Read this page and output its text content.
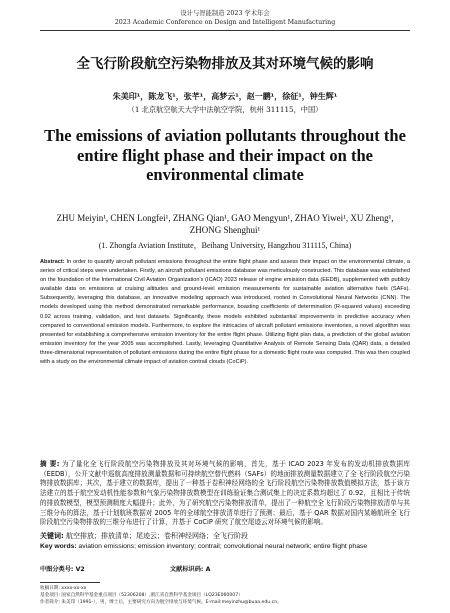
设计与智能制造 2023 学术年会
2023 Academic Conference on Design and Intelligent Manufacturing
全飞行阶段航空污染物排放及其对环境气候的影响
朱美印¹，陈龙飞¹，张芊¹，高梦云¹，赵一鹏¹，徐征¹，钟生辉¹
（1 北京航空航天大学中法航空学院，杭州 311115，中国）
The emissions of aviation pollutants throughout the entire flight phase and their impact on the environmental climate
ZHU Meiyin¹, CHEN Longfei¹, ZHANG Qian¹, GAO Mengyun¹, ZHAO Yiwei¹, XU Zheng¹, ZHONG Shenghui¹
(1. Zhongfa Aviation Institute，Beihang University, Hangzhou 311115, China)
Abstract: In order to quantify aircraft pollutant emissions throughout the entire flight phase and assess their impact on the environmental climate, a series of critical steps were undertaken. Firstly, an aircraft pollutant emissions database was meticulously constructed. This database was established on the foundation of the International Civil Aviation Organization's (ICAO) 2023 release of engine emission data (EEDB), supplemented with publicly available data on emissions at cruising altitudes and ground-level emission measurements for sustainable aviation alternative fuels (SAFs). Subsequently, leveraging this database, an innovative modeling approach was introduced, rooted in Convolutional Neural Networks (CNN). The models developed using this method demonstrated remarkable performance, boasting coefficients of determination (R-squared values) exceeding 0.92 across training, validation, and test datasets. Significantly, these models exhibited substantial improvements in predictive accuracy when compared to conventional emission models. Furthermore, to explore the intricacies of aircraft pollutant emissions inventories, a novel algorithm was presented for establishing a comprehensive emission inventory for the entire flight phase. Utilizing flight plan data, a prediction of the global aviation emission inventory for the year 2005 was accomplished. Lastly, leveraging Quantitative Analysis of Remote Sensing Data (QAR) data, a detailed three-dimensional representation of pollutant emissions during the entire flight phase for a domestic flight route was computed. This was then coupled with a study on the environmental climate impact of aviation contrail clouds (CoCiP).
摘 要: 为了量化全飞行阶段航空污染物排放及其对环境气候的影响，首先，基于 ICAO 2023 年发布的发动机排放数据库（EEDB），公开文献中巡航高度排放测量数据和可持续航空替代燃料（SAFs）的地面排放测量数据建立了全飞行阶段航空污染物排放数据库；其次，基于建立的数据库，提出了一种基于卷积神经网络的全飞行阶段航空污染物排放数值模拟方法，基于该方法建立的基于航空发动机性能参数和气象污染物排放数模型在训练验证集合测试集上的决定系数均超过了 0.92，且相比于传统的排放数模型，模型预测精度大幅提升；此外，为了研究航空污染物排放清单，提出了一种航空全飞行阶段污染物排放清单与其三维分布的算法，基于计划航班数据对 2005 年的全球航空排放清单进行了预测；最后，基于 QAR 数据对国内某趟航班全飞行阶段航空污染物排放的三维分布进行了计算，并基于 CoCiP 研究了航空尾迹云对环境气候的影响。
关键词: 航空排放；排放清单；尾迹云；卷积神经网络；全飞行阶段
Key words: aviation emissions; emission inventory; contrail; convolutional neural network; entire flight phase
中图分类号: V2	文献标识码: A
收稿日期: xxxx-xx-xx
基金项目: 国家自然科学基金重点项目（52306208）,浙江省自然科学基金项目（LQ23E060007）
作者简介: 朱美印（1991-），男，博士后，主要研究方向为航空排放与环境气候。E-mail:meyinzhu@buaa.edu.cn。
